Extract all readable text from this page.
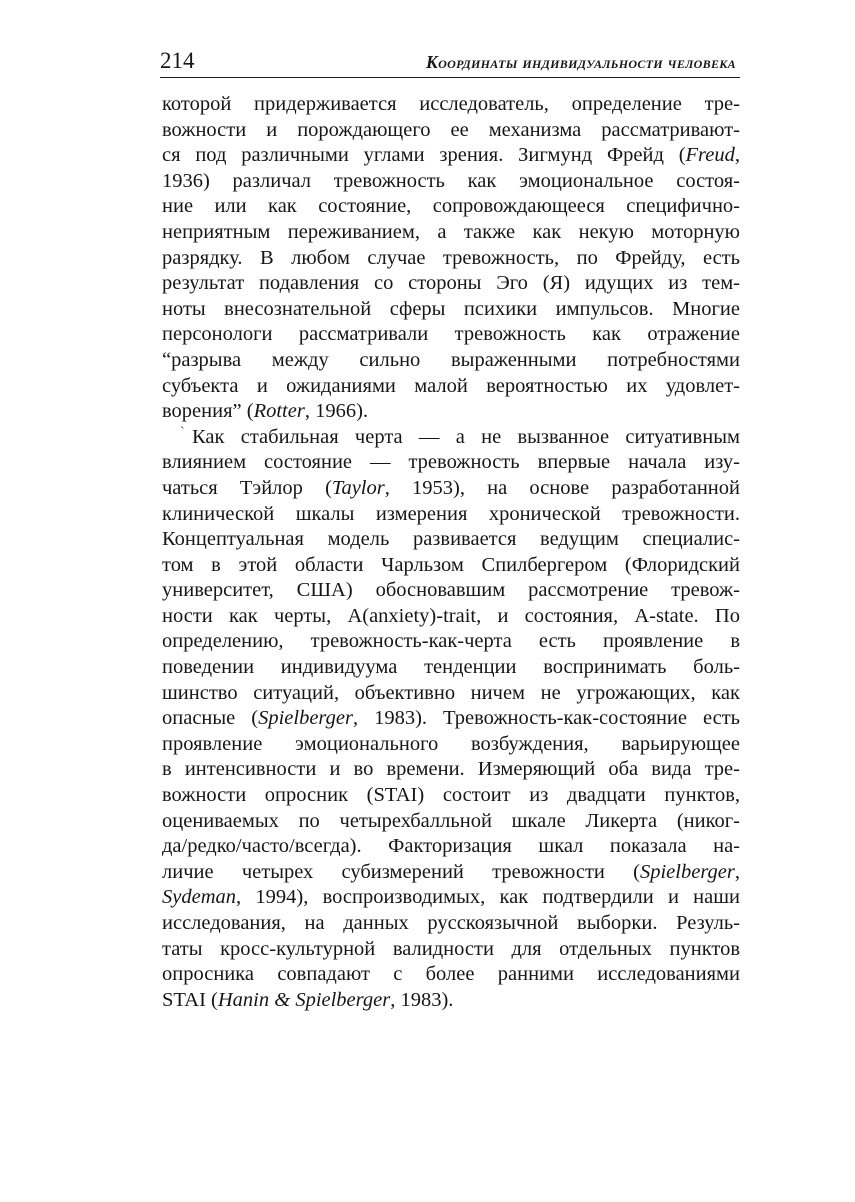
214	Координаты индивидуальности человека
ˋ
которой придерживается исследователь, определение тре-
вожности и порождающего ее механизма рассматривают-
ся под различными углами зрения. Зигмунд Фрейд (Freud,
1936) различал тревожность как эмоциональное состоя-
ние или как состояние, сопровождающееся специфично-
неприятным переживанием, а также как некую моторную
разрядку. В любом случае тревожность, по Фрейду, есть
результат подавления со стороны Эго (Я) идущих из тем-
ноты внесознательной сферы психики импульсов. Многие
персонологи рассматривали тревожность как отражение
“разрыва между сильно выраженными потребностями
субъекта и ожиданиями малой вероятностью их удовлет-
ворения” (Rotter, 1966).
Как стабильная черта — а не вызванное ситуативным
влиянием состояние — тревожность впервые начала изу-
чаться Тэйлор (Taylor, 1953), на основе разработанной
клинической шкалы измерения хронической тревожности.
Концептуальная модель развивается ведущим специалис-
том в этой области Чарльзом Спилбергером (Флоридский
университет, США) обосновавшим рассмотрение тревож-
ности как черты, A(anxiety)-trait, и состояния, A-state. По
определению, тревожность-как-черта есть проявление в
поведении индивидуума тенденции воспринимать боль-
шинство ситуаций, объективно ничем не угрожающих, как
опасные (Spielberger, 1983). Тревожность-как-состояние есть
проявление эмоционального возбуждения, варьирующее
в интенсивности и во времени. Измеряющий оба вида тре-
вожности опросник (STAI) состоит из двадцати пунктов,
оцениваемых по четырехбалльной шкале Ликерта (никог-
да/редко/часто/всегда). Факторизация шкал показала на-
личие четырех субизмерений тревожности (Spielberger,
Sydeman, 1994), воспроизводимых, как подтвердили и наши
исследования, на данных русскоязычной выборки. Резуль-
таты кросс-культурной валидности для отдельных пунктов
опросника совпадают с более ранними исследованиями
STAI (Hanin & Spielberger, 1983).
